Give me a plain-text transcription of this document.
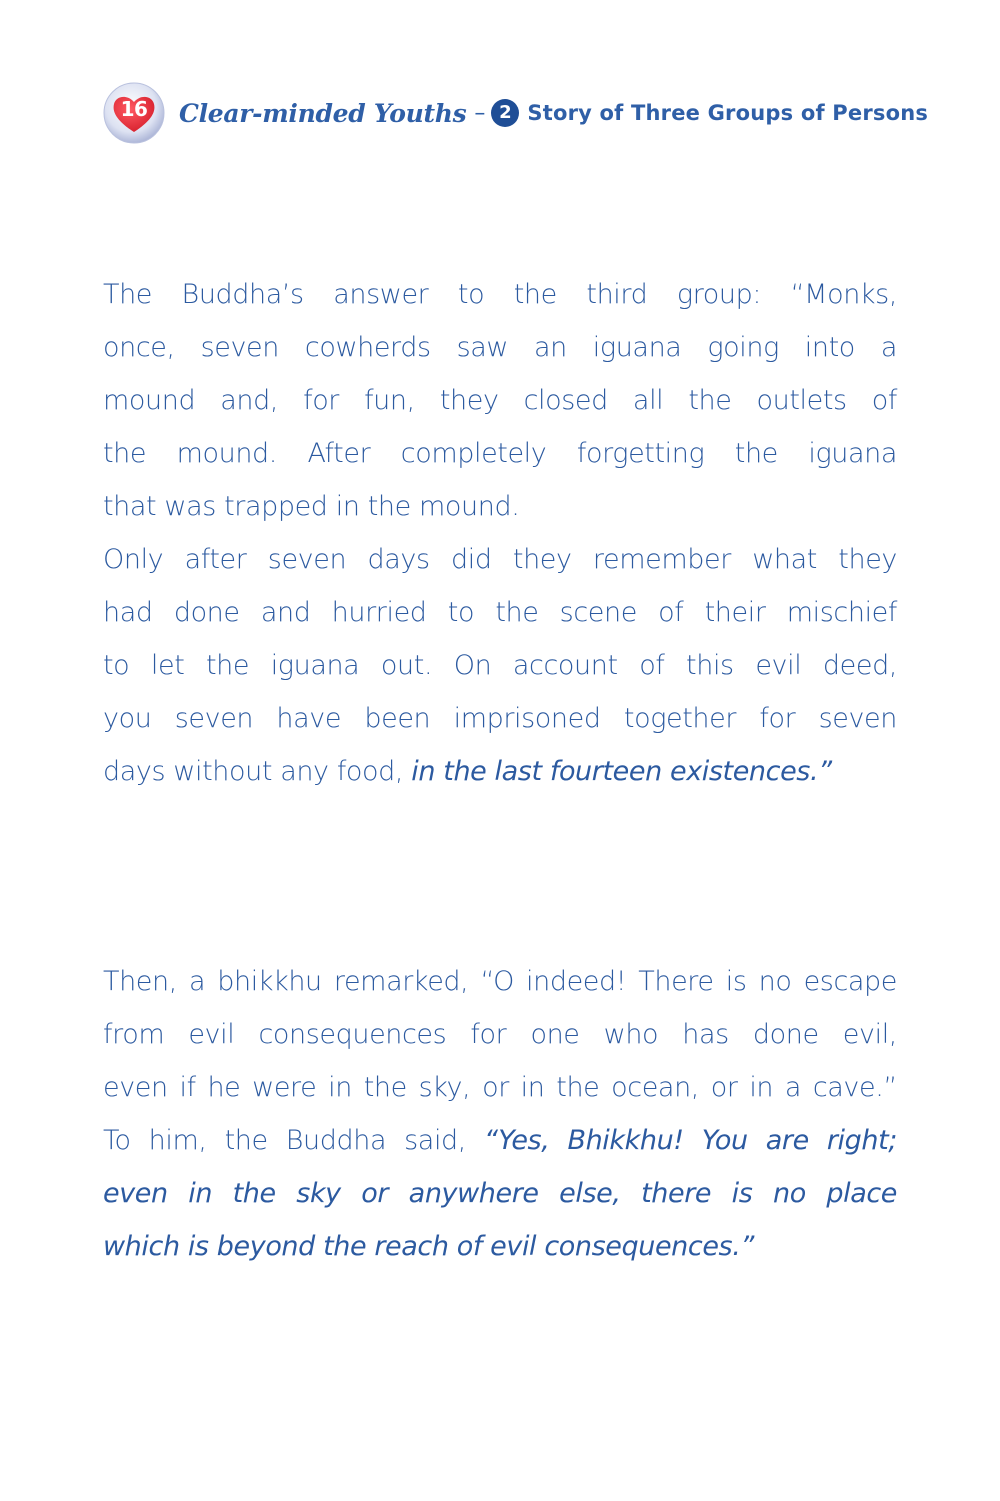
16	Clear-minded Youths – 2 Story of Three Groups of Persons
The Buddha’s answer to the third group: “Monks,
once, seven cowherds saw an iguana going into a
mound and, for fun, they closed all the outlets of
the mound. After completely forgetting the iguana
that was trapped in the mound.
Only after seven days did they remember what they
had done and hurried to the scene of their mischief
to let the iguana out. On account of this evil deed,
you seven have been imprisoned together for seven
days without any food, in the last fourteen existences.”
Then, a bhikkhu remarked, “O indeed! There is no escape
from evil consequences for one who has done evil,
even if he were in the sky, or in the ocean, or in a cave.”
To him, the Buddha said, “Yes, Bhikkhu! You are right;
even in the sky or anywhere else, there is no place
which is beyond the reach of evil consequences.”
